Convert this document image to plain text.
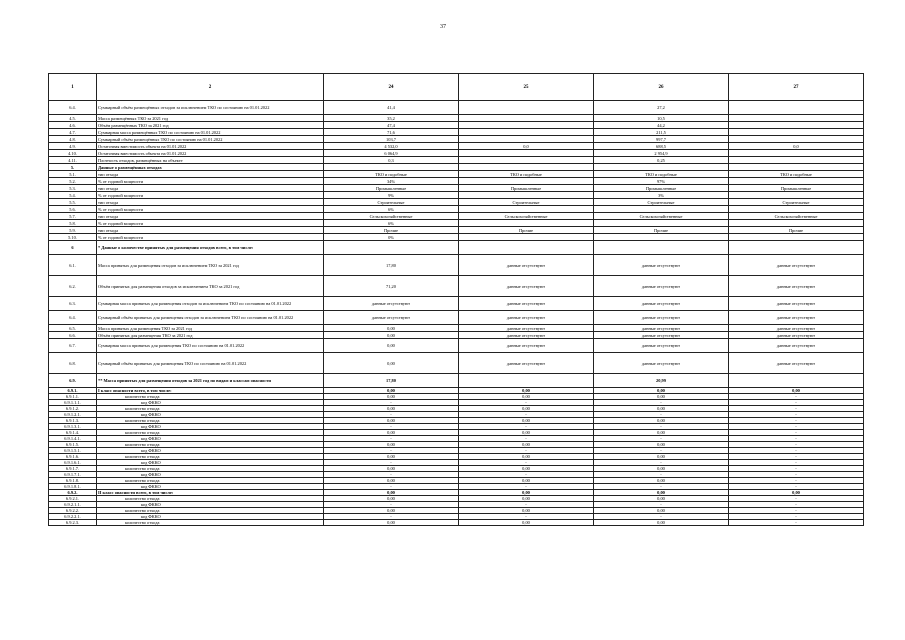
37
1	2	24	25	26	27
6.4.	Суммарный объём размещённых отходов за исключением ТКО по состоянию на 01.01.2022	41,4		27,2	
4.5.	Масса размещённых ТКО за 2021 год	35,2		10,5	
4.6.	Объём размещённых ТКО за 2021 год	47,4		44,2	
4.7.	Суммарная масса размещённых ТКО по состоянию на 01.01.2022	71,6		211,5	
4.8.	Суммарный объём размещённых ТКО по состоянию на 01.01.2022	103,7		997,7	
4.9.	Остаточная вместимость объекта на 01.01.2022	4 532,0	0,0	688,5	0,0
4.10.	Остаточная вместимость объекта на 01.01.2022	6 064,9		2 954,9	
4.11.	Плотность отходов, размещённых на объекте	0,3		0,25	
5.	Данные о размещённых отходах				
5.1.	тип отхода	ТКО и подобные	ТКО и подобные	ТКО и подобные	ТКО и подобные
5.2.	% от годовой мощности	34%		97%	
5.3.	тип отхода	Промышленные	Промышленные	Промышленные	Промышленные
5.4.	% от годовой мощности	9%		3%	
5.5.	тип отхода	Строительные	Строительные	Строительные	Строительные
5.6.	% от годовой мощности	6%			
5.7.	тип отхода	Сельскохозяйственные	Сельскохозяйственные	Сельскохозяйственные	Сельскохозяйственные
5.8.	% от годовой мощности	6%			
5.9.	тип отхода	Прочие	Прочие	Прочие	Прочие
5.10.	% от годовой мощности	0%			
6	* Данные о количестве принятых для размещения отходов всего, в том числе:				
6.1.	Масса принятых для размещения отходов за исключением ТКО за 2021 год	17,80	данные отсутствуют	данные отсутствуют	данные отсутствуют
6.2.	Объём принятых для размещения отходов за исключением ТКО за 2021 год	71,20	данные отсутствуют	данные отсутствуют	данные отсутствуют
6.3.	Суммарная масса принятых для размещения отходов за исключением ТКО по состоянию на 01.01.2022	данные отсутствуют	данные отсутствуют	данные отсутствуют	данные отсутствуют
6.4.	Суммарный объём принятых для размещения отходов за исключением ТКО по состоянию на 01.01.2022	данные отсутствуют	данные отсутствуют	данные отсутствуют	данные отсутствуют
6.5.	Масса принятых для размещения ТКО за 2021 год	0,00	данные отсутствуют	данные отсутствуют	данные отсутствуют
6.6.	Объём принятых для размещения ТКО за 2021 год	0,00	данные отсутствуют	данные отсутствуют	данные отсутствуют
6.7.	Суммарная масса принятых для размещения ТКО по состоянию на 01.01.2022	0,00	данные отсутствуют	данные отсутствуют	данные отсутствуют
6.8.	Суммарный объём принятых для размещения ТКО по состоянию на 01.01.2022	0,00	данные отсутствуют	данные отсутствуют	данные отсутствуют
6.9.	** Масса принятых для размещения отходов за 2021 год по видам и классам опасности	17,80		20,99	
6.9.1.	I класс опасности всего, в том числе:	0,00	0,00	0,00	0,00
6.9.1.1.	количество отхода	0,00	0,00	0,00	-
6.9.1.1.1.	код ФККО	-	-	-	-
6.9.1.2.	количество отхода	0,00	0,00	0,00	-
6.9.1.2.1.	код ФККО	-	-	-	-
6.9.1.3.	количество отхода	0,00	0,00	0,00	-
6.9.1.3.1.	код ФККО	-	-	-	-
6.9.1.4.	количество отхода	0,00	0,00	0,00	-
6.9.1.4.1.	код ФККО	-	-	-	-
6.9.1.5.	количество отхода	0,00	0,00	0,00	-
6.9.1.5.1.	код ФККО	-	-	-	-
6.9.1.6.	количество отхода	0,00	0,00	0,00	-
6.9.1.6.1.	код ФККО	-	-	-	-
6.9.1.7.	количество отхода	0,00	0,00	0,00	-
6.9.1.7.1.	код ФККО	-	-	-	-
6.9.1.8.	количество отхода	0,00	0,00	0,00	-
6.9.1.8.1.	код ФККО	-	-	-	-
6.9.2.	II класс опасности всего, в том числе:	0,00	0,00	0,00	0,00
6.9.2.1.	количество отхода	0,00	0,00	0,00	-
6.9.2.1.1.	код ФККО	-	-	-	-
6.9.2.2.	количество отхода	0,00	0,00	0,00	-
6.9.2.2.1.	код ФККО	-	-	-	-
6.9.2.3.	количество отхода	0,00	0,00	0,00	-
